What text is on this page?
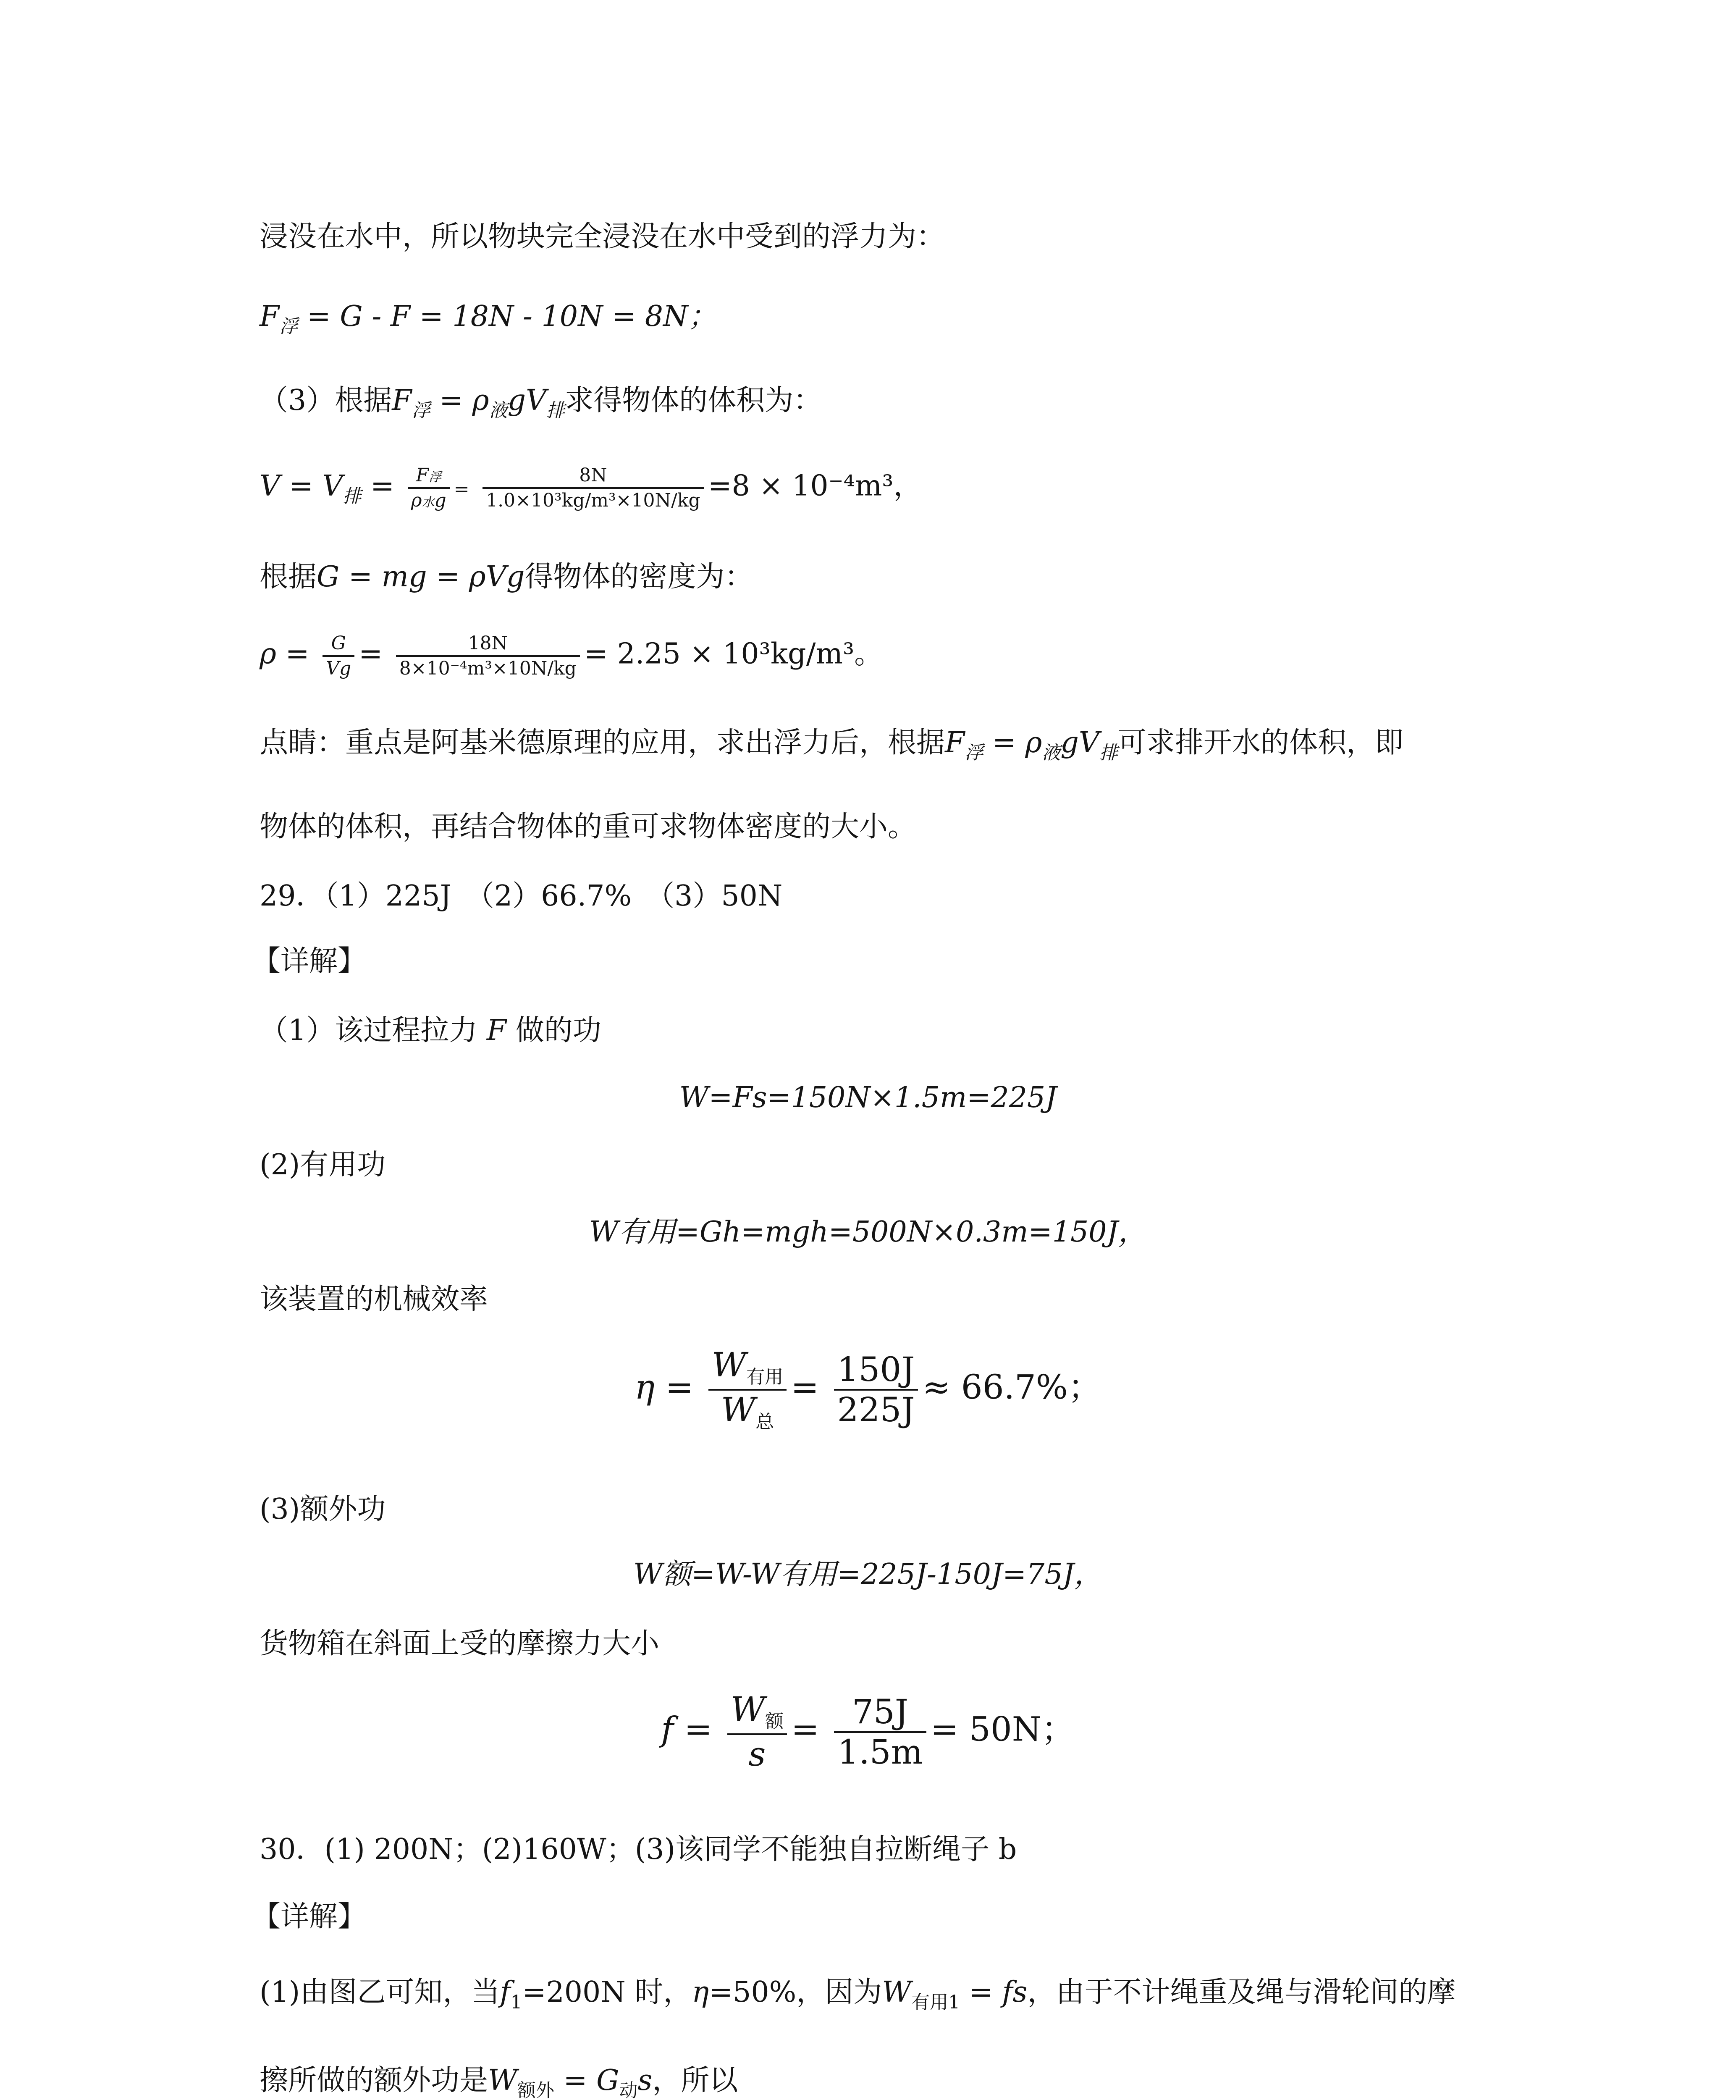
浸没在水中，所以物块完全浸没在水中受到的浮力为：
$F_浮 = G - F = 18N - 10N = 8N$；
（3）根据$F_浮 = \rho_液gV_排$求得物体的体积为：
$V = V_排 = \frac{\text{F浮}}{\text{ρ水g}} = \frac{8N}{\text{1.0×10³kg/m³×10N/kg}} =8 \times 10^{-4}m^3$，
根据G = mg = ρVg得物体的密度为：
$\rho = \frac{G}{Vg} = \frac{18N}{\text{8×10⁻⁴m³×10N/kg}} = 2.25 \times 10^3kg/m^3$。
点睛：重点是阿基米德原理的应用，求出浮力后，根据$F_浮 = \rho_液gV_排$可求排开水的体积，即
物体的体积，再结合物体的重可求物体密度的大小。
29．（1）225J　（2）66.7%　（3）50N
【详解】
（1）该过程拉力 F 做的功
W=Fs=150N×1.5m=225J
(2)有用功
W有用=Gh=mgh=500N×0.3m=150J，
该装置的机械效率
$\eta = \frac{W_{有用}}{W_总} = \frac{150J}{225J} \approx 66.7\%$；
(3)额外功
W额=W-W有用=225J-150J=75J，
货物箱在斜面上受的摩擦力大小
$f = \frac{W_额}{s} = \frac{75J}{1.5m} = 50N$；
30．(1) 200N；(2)160W；(3)该同学不能独自拉断绳子 b
【详解】
(1)由图乙可知，当$f_1=200N$ 时，η=50%，因为$W_{有用1}$ = fs，由于不计绳重及绳与滑轮间的摩
擦所做的额外功是$W_{额外} = G_动s$，所以
